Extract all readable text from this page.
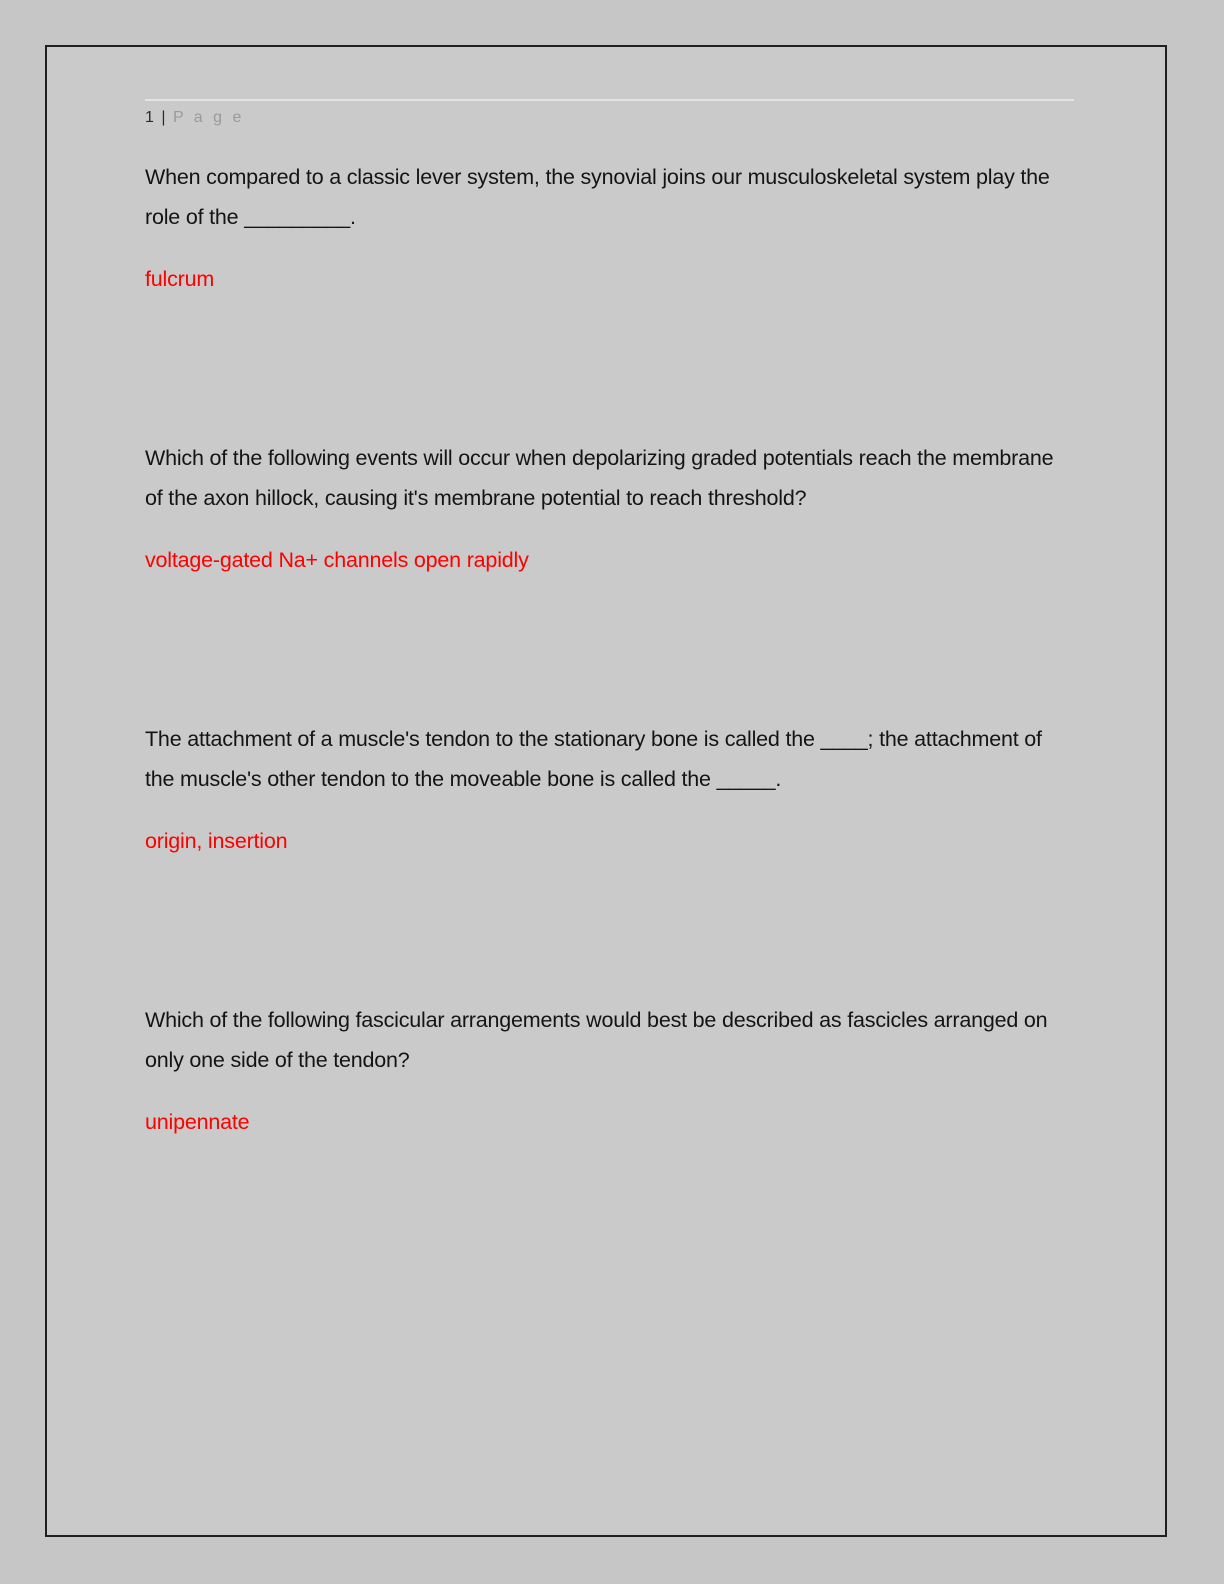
1 | P a g e

When compared to a classic lever system, the synovial joins our musculoskeletal system play the role of the _________.

fulcrum

Which of the following events will occur when depolarizing graded potentials reach the membrane of the axon hillock, causing it's membrane potential to reach threshold?

voltage-gated Na+ channels open rapidly

The attachment of a muscle's tendon to the stationary bone is called the ____; the attachment of the muscle's other tendon to the moveable bone is called the _____.

origin, insertion

Which of the following fascicular arrangements would best be described as fascicles arranged on only one side of the tendon?

unipennate
